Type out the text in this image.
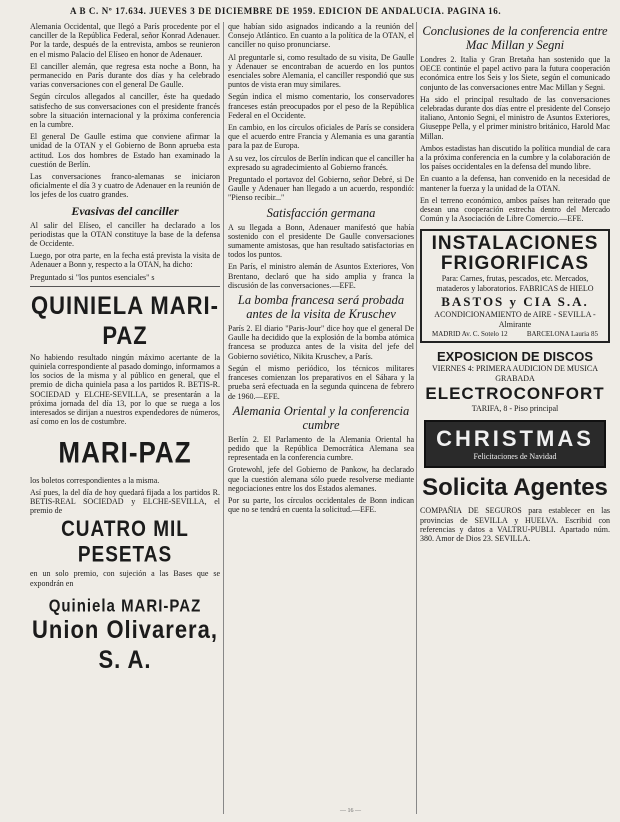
A B C. Nº 17.634. JUEVES 3 DE DICIEMBRE DE 1959. EDICION DE ANDALUCIA. PAGINA 16.

Alemania Occidental, que llegó a París procedente por el canciller de la República Federal, señor Konrad Adenauer. Por la tarde, después de la entrevista, ambos se reunieron en el mismo Palacio del Elíseo en honor de Adenauer.

El canciller alemán, que regresa esta noche a Bonn, ha permanecido en París durante dos días y ha celebrado varias conversaciones con el general De Gaulle.

Según círculos allegados al canciller, éste ha quedado satisfecho de sus conversaciones con el presidente francés sobre la situación internacional y la próxima conferencia en la cumbre.

El general De Gaulle estima que conviene afirmar la unidad de la OTAN y el Gobierno de Bonn aprueba esta actitud. Los dos hombres de Estado han examinado la cuestión de Berlín.

Las conversaciones franco-alemanas se iniciaron oficialmente el día 3 y cuatro de Adenauer en la reunión de los jefes de los cuatro grandes.

Evasivas del canciller

Al salir del Elíseo, el canciller ha declarado a los periodistas que la OTAN constituye la base de la defensa de Occidente.

Luego, por otra parte, en la fecha está prevista la visita de Adenauer a Bonn y, respecto a la OTAN, ha dicho:

Preguntado si "los puntos esenciales" s

QUINIELA MARI-PAZ

No habiendo resultado ningún máximo acertante de la quiniela correspondiente al pasado domingo, informamos a los socios de la misma y al público en general, que el premio de dicha quiniela pasa a los partidos R. BETIS-R. SOCIEDAD y ELCHE-SEVILLA, se presentarán a la próxima jornada del día 13, por lo que se ruega a los interesados se dirijan a nuestros expendedores de números, así como en los de costumbre.

MARI-PAZ

los boletos correspondientes a la misma.

Así pues, la del día de hoy quedará fijada a los partidos R. BETIS-REAL SOCIEDAD y ELCHE-SEVILLA, el premio de

CUATRO MIL PESETAS

en un solo premio, con sujeción a las Bases que se expondrán en

Quiniela MARI-PAZ
Union Olivarera, S. A.

que habían sido asignados indicando a la reunión del Consejo Atlántico. En cuanto a la política de la OTAN, el canciller no quiso pronunciarse.

Al preguntarle si, como resultado de su visita, De Gaulle y Adenauer se encontraban de acuerdo en los puntos esenciales sobre Alemania, el canciller respondió que sus puntos de vista eran muy similares.

Según indica el mismo comentario, los conservadores franceses están preocupados por el peso de la República Federal en el Occidente.

En cambio, en los círculos oficiales de París se considera que el acuerdo entre Francia y Alemania es una garantía para la paz de Europa.

A su vez, los círculos de Berlín indican que el canciller ha expresado su agradecimiento al Gobierno francés.

Preguntado el portavoz del Gobierno, señor Debré, si De Gaulle y Adenauer han llegado a un acuerdo, respondió: "Pienso recibir..."

Satisfacción germana

A su llegada a Bonn, Adenauer manifestó que había sostenido con el presidente De Gaulle conversaciones sumamente amistosas, que han resultado satisfactorias en todos los puntos.

En París, el ministro alemán de Asuntos Exteriores, Von Brentano, declaró que ha sido amplia y franca la discusión de las conversaciones.—EFE.

La bomba francesa será probada antes de la visita de Kruschev

París 2. El diario "Paris-Jour" dice hoy que el general De Gaulle ha decidido que la explosión de la bomba atómica francesa se produzca antes de la visita del jefe del Gobierno soviético, Nikita Kruschev, a París.

Según el mismo periódico, los técnicos militares franceses comienzan los preparativos en el Sáhara y la prueba será efectuada en la segunda quincena de febrero de 1960.—EFE.

Alemania Oriental y la conferencia cumbre

Berlín 2. El Parlamento de la Alemania Oriental ha pedido que la República Democrática Alemana sea representada en la conferencia cumbre.

Grotewohl, jefe del Gobierno de Pankow, ha declarado que la cuestión alemana sólo puede resolverse mediante negociaciones entre los dos Estados alemanes.

Por su parte, los círculos occidentales de Bonn indican que no se tendrá en cuenta la solicitud.—EFE.

Conclusiones de la conferencia entre Mac Millan y Segni

Londres 2. Italia y Gran Bretaña han sostenido que la OECE continúe el papel activo para la futura cooperación económica entre los Seis y los Siete, según el comunicado conjunto de las conversaciones entre Mac Millan y Segni.

Ha sido el principal resultado de las conversaciones celebradas durante dos días entre el presidente del Consejo italiano, Antonio Segni, el ministro de Asuntos Exteriores, Giuseppe Pella, y el primer ministro británico, Harold Mac Millan.

Ambos estadistas han discutido la política mundial de cara a la próxima conferencia en la cumbre y la colaboración de los países occidentales en la defensa del mundo libre.

En cuanto a la defensa, han convenido en la necesidad de mantener la fuerza y la unidad de la OTAN.

En el terreno económico, ambos países han reiterado que desean una cooperación estrecha dentro del Mercado Común y la Asociación de Libre Comercio.—EFE.

INSTALACIONES FRIGORIFICAS
Para: Carnes, frutas, pescados, etc. Mercados, mataderos y laboratorios. FABRICAS de HIELO
BASTOS y CIA S.A.
ACONDICIONAMIENTO de AIRE - SEVILLA - Almirante
MADRID Av. C. Sotelo 12	BARCELONA Lauria 85
EXPOSICION DE DISCOS
VIERNES 4: PRIMERA AUDICION DE MUSICA GRABADA
ELECTROCONFORT
TARIFA, 8 - Piso principal
CHRISTMAS
Felicitaciones de Navidad
Solicita Agentes

COMPAÑIA DE SEGUROS para establecer en las provincias de SEVILLA y HUELVA. Escribid con referencias y datos a VALTRU-PUBLI. Apartado núm. 380. Amor de Dios 23. SEVILLA.

— 16 —
